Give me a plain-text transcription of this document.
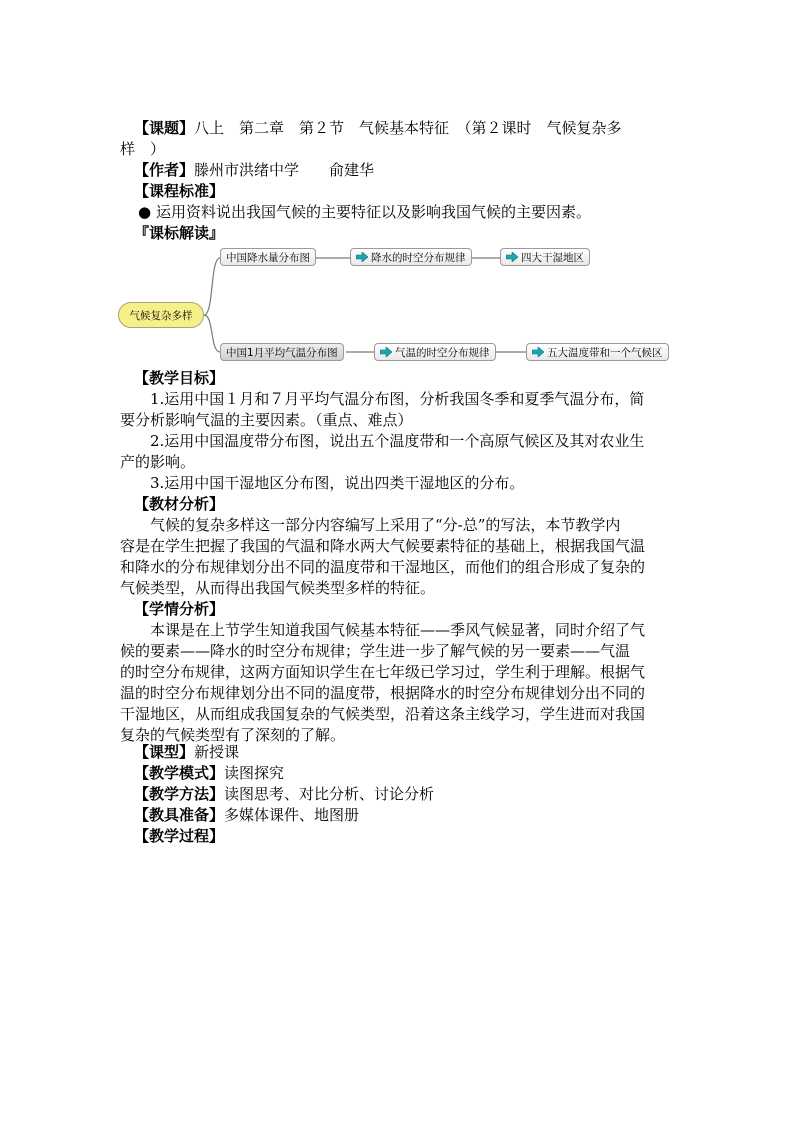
【课题】八上　第二章　第２节　气候基本特征　（第２课时　气候复杂多
样　）
【作者】滕州市洪绪中学　　俞建华
【课程标准】
● 运用资料说出我国气候的主要特征以及影响我国气候的主要因素。
『课标解读』
气候复杂多样
中国降水量分布图	降水的时空分布规律	四大干湿地区
中国1月平均气温分布图	气温的时空分布规律	五大温度带和一个气候区
【教学目标】
1.运用中国１月和７月平均气温分布图，分析我国冬季和夏季气温分布，简
要分析影响气温的主要因素。（重点、难点）
2.运用中国温度带分布图，说出五个温度带和一个高原气候区及其对农业生
产的影响。
3.运用中国干湿地区分布图，说出四类干湿地区的分布。
【教材分析】
气候的复杂多样这一部分内容编写上采用了“分-总”的写法，本节教学内
容是在学生把握了我国的气温和降水两大气候要素特征的基础上，根据我国气温
和降水的分布规律划分出不同的温度带和干湿地区，而他们的组合形成了复杂的
气候类型，从而得出我国气候类型多样的特征。
【学情分析】
本课是在上节学生知道我国气候基本特征——季风气候显著，同时介绍了气
候的要素——降水的时空分布规律；学生进一步了解气候的另一要素——气温
的时空分布规律，这两方面知识学生在七年级已学习过，学生利于理解。根据气
温的时空分布规律划分出不同的温度带，根据降水的时空分布规律划分出不同的
干湿地区，从而组成我国复杂的气候类型，沿着这条主线学习，学生进而对我国
复杂的气候类型有了深刻的了解。
【课型】新授课
【教学模式】读图探究
【教学方法】读图思考、对比分析、讨论分析
【教具准备】多媒体课件、地图册
【教学过程】
